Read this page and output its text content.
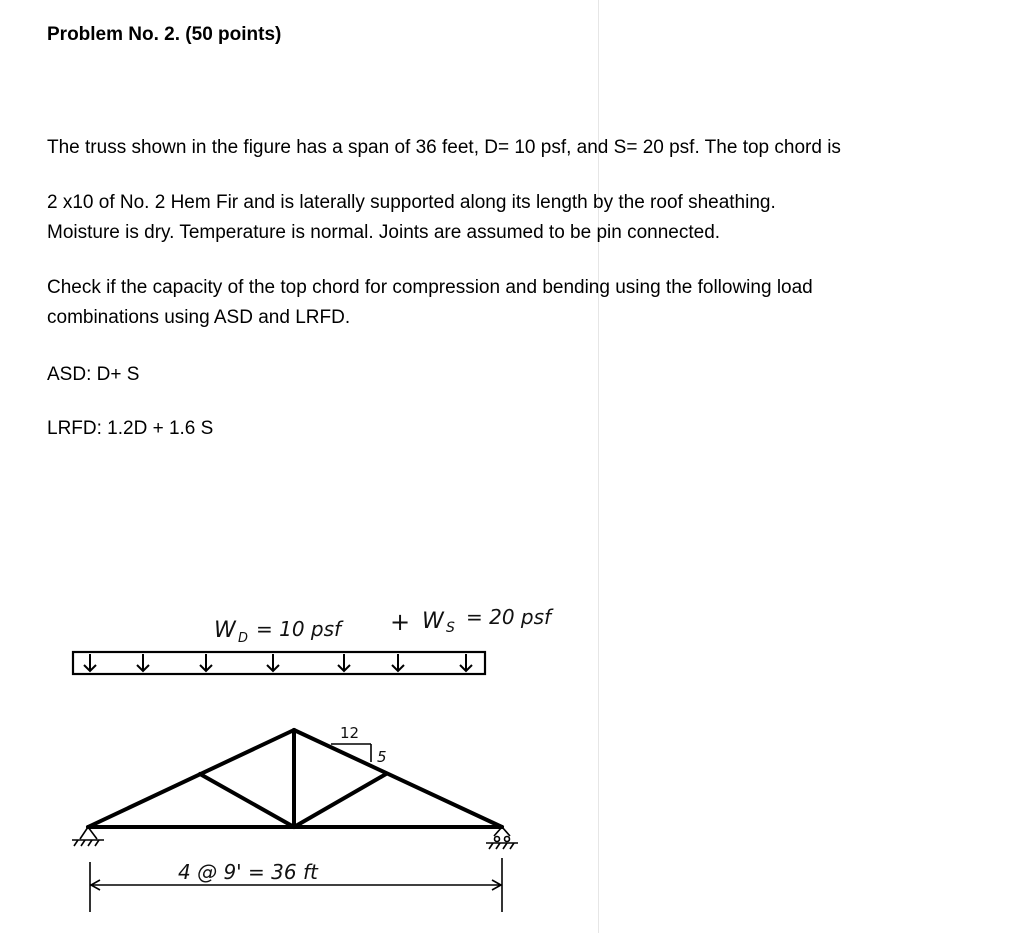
Problem No. 2. (50 points)
The truss shown in the figure has a span of 36 feet, D= 10 psf, and S= 20 psf. The top chord is
2 x10 of No. 2 Hem Fir and is laterally supported along its length by the roof sheathing.
Moisture is dry. Temperature is normal. Joints are assumed to be pin connected.
Check if the capacity of the top chord for compression and bending using the following load
combinations using ASD and LRFD.
ASD: D+ S
LRFD: 1.2D + 1.6 S
W D = 10 psf + W S = 20 psf
12
5
4 @ 9' = 36 ft
